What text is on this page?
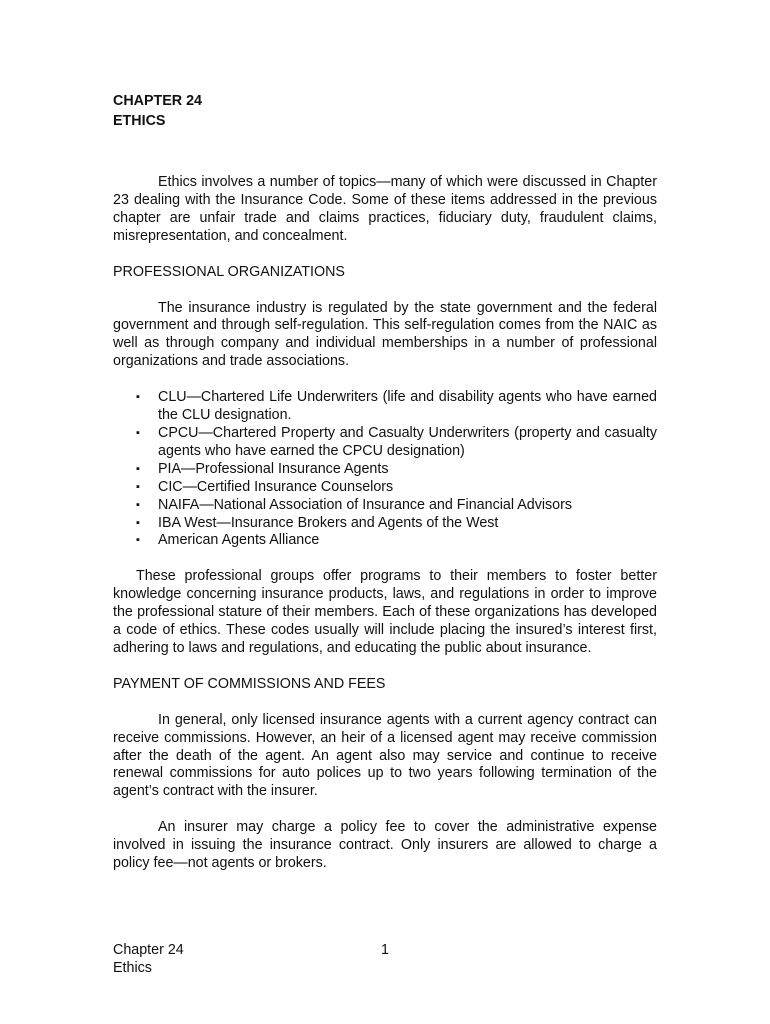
CHAPTER 24

ETHICS

Ethics involves a number of topics—many of which were discussed in Chapter 23 dealing with the Insurance Code. Some of these items addressed in the previous chapter are unfair trade and claims practices, fiduciary duty, fraudulent claims, misrepresentation, and concealment.

PROFESSIONAL ORGANIZATIONS

The insurance industry is regulated by the state government and the federal government and through self-regulation. This self-regulation comes from the NAIC as well as through company and individual memberships in a number of professional organizations and trade associations.

▪ CLU—Chartered Life Underwriters (life and disability agents who have earned the CLU designation.
▪ CPCU—Chartered Property and Casualty Underwriters (property and casualty agents who have earned the CPCU designation)
▪ PIA—Professional Insurance Agents
▪ CIC—Certified Insurance Counselors
▪ NAIFA—National Association of Insurance and Financial Advisors
▪ IBA West—Insurance Brokers and Agents of the West
▪ American Agents Alliance

These professional groups offer programs to their members to foster better knowledge concerning insurance products, laws, and regulations in order to improve the professional stature of their members. Each of these organizations has developed a code of ethics. These codes usually will include placing the insured’s interest first, adhering to laws and regulations, and educating the public about insurance.

PAYMENT OF COMMISSIONS AND FEES

In general, only licensed insurance agents with a current agency contract can receive commissions. However, an heir of a licensed agent may receive commission after the death of the agent. An agent also may service and continue to receive renewal commissions for auto polices up to two years following termination of the agent’s contract with the insurer.

An insurer may charge a policy fee to cover the administrative expense involved in issuing the insurance contract. Only insurers are allowed to charge a policy fee—not agents or brokers.

Chapter 24
Ethics
1
